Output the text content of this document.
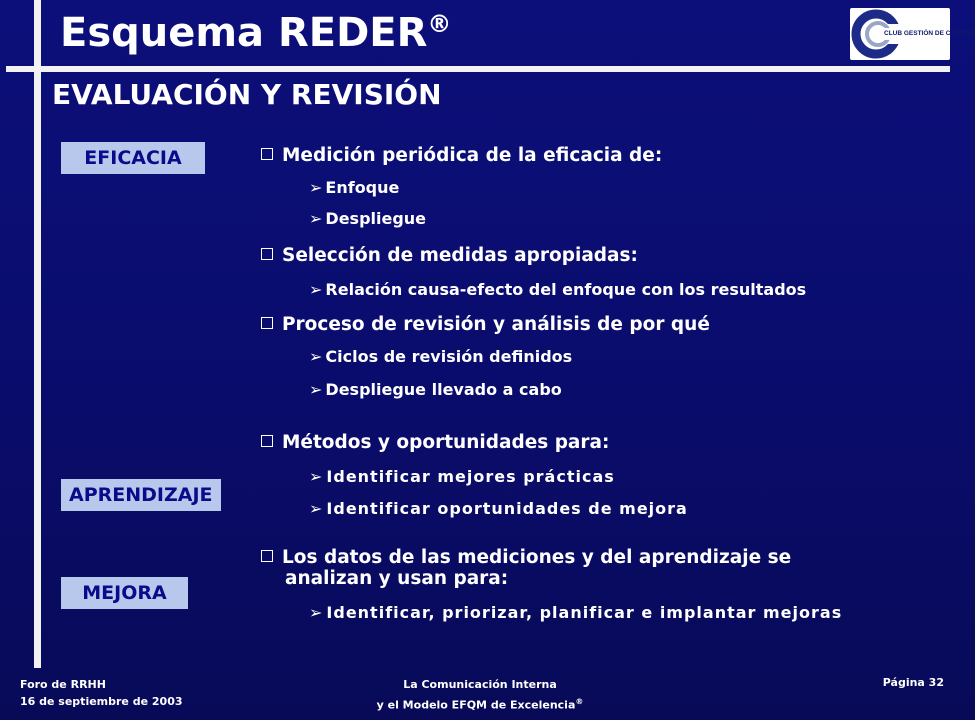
Esquema REDER®	CLUB GESTIÓN DE CALIDAD
EVALUACIÓN Y REVISIÓN
EFICACIA
APRENDIZAJE
MEJORA
Medición periódica de la eficacia de:
➢ Enfoque
➢ Despliegue
Selección de medidas apropiadas:
➢ Relación causa-efecto del enfoque con los resultados
Proceso de revisión y análisis de por qué
➢ Ciclos de revisión definidos
➢ Despliegue llevado a cabo
Métodos y oportunidades para:
➢ Identificar mejores prácticas
➢ Identificar oportunidades de mejora
Los datos de las mediciones y del aprendizaje se
analizan y usan para:
➢ Identificar, priorizar, planificar e implantar mejoras
Foro de RRHH
16 de septiembre de 2003
La Comunicación Interna
y el Modelo EFQM de Excelencia®
Página 32
